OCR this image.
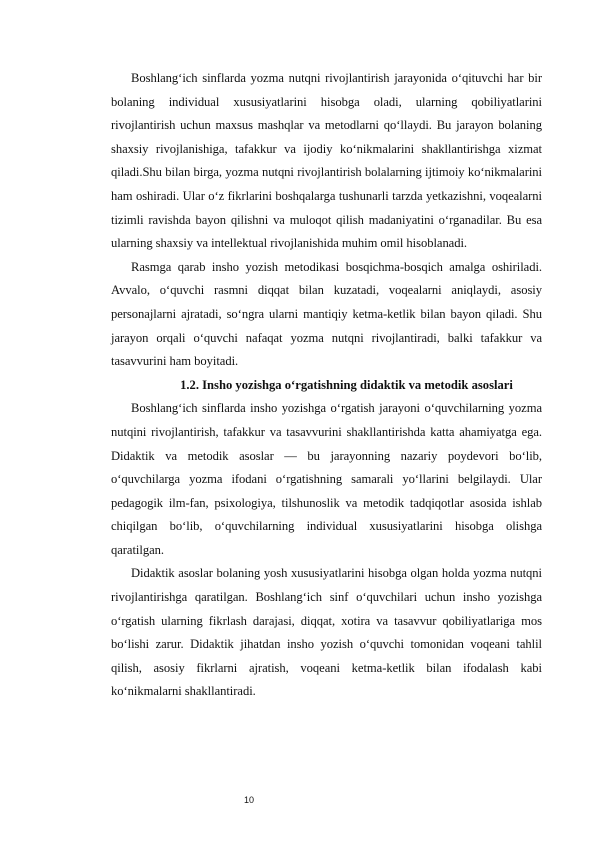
Boshlang‘ich sinflarda yozma nutqni rivojlantirish jarayonida o‘qituvchi har bir bolaning individual xususiyatlarini hisobga oladi, ularning qobiliyatlarini rivojlantirish uchun maxsus mashqlar va metodlarni qo‘llaydi. Bu jarayon bolaning shaxsiy rivojlanishiga, tafakkur va ijodiy ko‘nikmalarini shakllantirishga xizmat qiladi.Shu bilan birga, yozma nutqni rivojlantirish bolalarning ijtimoiy ko‘nikmalarini ham oshiradi. Ular o‘z fikrlarini boshqalarga tushunarli tarzda yetkazishni, voqealarni tizimli ravishda bayon qilishni va muloqot qilish madaniyatini o‘rganadilar. Bu esa ularning shaxsiy va intellektual rivojlanishida muhim omil hisoblanadi.

Rasmga qarab insho yozish metodikasi bosqichma-bosqich amalga oshiriladi. Avvalo, o‘quvchi rasmni diqqat bilan kuzatadi, voqealarni aniqlaydi, asosiy personajlarni ajratadi, so‘ngra ularni mantiqiy ketma-ketlik bilan bayon qiladi. Shu jarayon orqali o‘quvchi nafaqat yozma nutqni rivojlantiradi, balki tafakkur va tasavvurini ham boyitadi.

1.2. Insho yozishga o‘rgatishning didaktik va metodik asoslari

Boshlang‘ich sinflarda insho yozishga o‘rgatish jarayoni o‘quvchilarning yozma nutqini rivojlantirish, tafakkur va tasavvurini shakllantirishda katta ahamiyatga ega. Didaktik va metodik asoslar — bu jarayonning nazariy poydevori bo‘lib, o‘quvchilarga yozma ifodani o‘rgatishning samarali yo‘llarini belgilaydi. Ular pedagogik ilm-fan, psixologiya, tilshunoslik va metodik tadqiqotlar asosida ishlab chiqilgan bo‘lib, o‘quvchilarning individual xususiyatlarini hisobga olishga qaratilgan.

Didaktik asoslar bolaning yosh xususiyatlarini hisobga olgan holda yozma nutqni rivojlantirishga qaratilgan. Boshlang‘ich sinf o‘quvchilari uchun insho yozishga o‘rgatish ularning fikrlash darajasi, diqqat, xotira va tasavvur qobiliyatlariga mos bo‘lishi zarur. Didaktik jihatdan insho yozish o‘quvchi tomonidan voqeani tahlil qilish, asosiy fikrlarni ajratish, voqeani ketma-ketlik bilan ifodalash kabi ko‘nikmalarni shakllantiradi.

10
